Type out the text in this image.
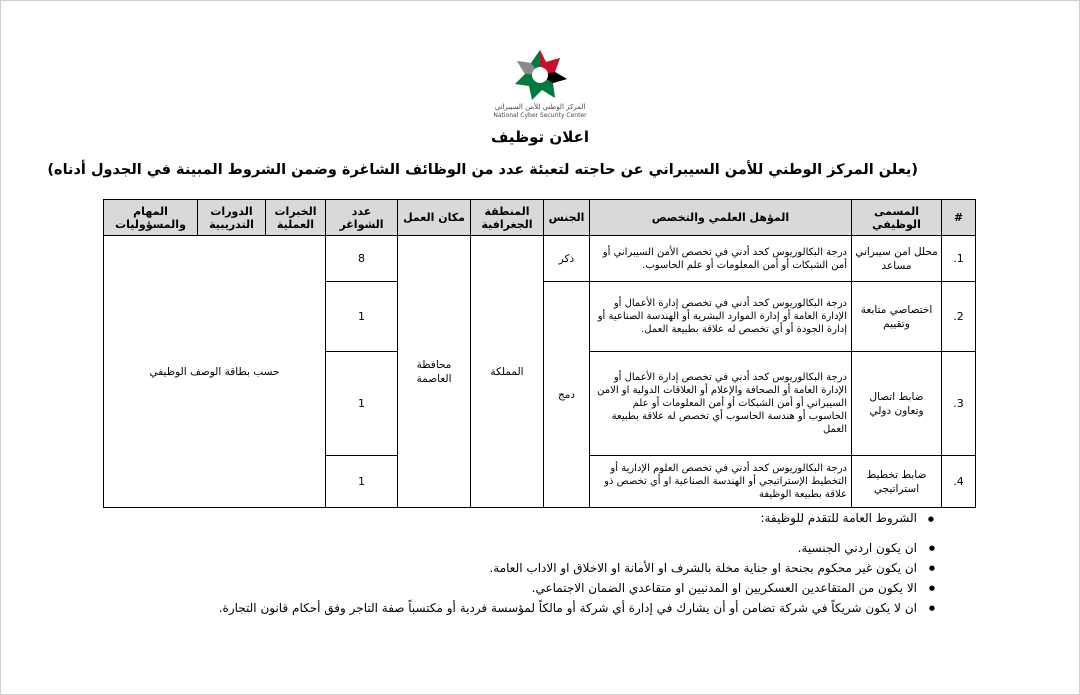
المركز الوطني للأمن السيبراني
National Cyber Security Center
اعلان توظيف
(يعلن المركز الوطني للأمن السيبراني عن حاجته لتعبئة عدد من الوظائف الشاغرة وضمن الشروط المبينة في الجدول أدناه)
#	المسمى الوظيفي	المؤهل العلمي والتخصص	الجنس	المنطقة الجغرافية	مكان العمل	عدد الشواغر	الخبرات العملية	الدورات التدريبية	المهام والمسؤوليات
1.	محلل امن سيبراني مساعد	درجة البكالوريوس كحد أدني في تخصص الأمن السيبراني أو أمن الشبكات أو أمن المعلومات أو علم الحاسوب.	ذكر	المملكة	محافظة العاصمة	8	حسب بطاقة الوصف الوظيفي		
2.	اختصاصي متابعة وتقييم	درجة البكالوريوس كحد أدني في تخصص إدارة الأعمال أو الإدارة العامة أو إدارة الموارد البشرية أو الهندسة الصناعية أو إدارة الجودة أو أي تخصص له علاقة بطبيعة العمل.	دمج			1			
3.	ضابط اتصال وتعاون دولي	درجة البكالوريوس كحد أدني في تخصص إدارة الأعمال أو الإدارة العامة أو الصحافة والإعلام أو العلاقات الدولية او الامن السيبراني أو أمن الشبكات أو أمن المعلومات أو علم الحاسوب أو هندسة الحاسوب أي تخصص له علاقة بطبيعة العمل				1			
4.	ضابط تخطيط استراتيجي	درجة البكالوريوس كحد أدني في تخصص العلوم الإدارية أو التخطيط الإستراتيجي أو الهندسة الصناعية او أي تخصص ذو علاقة بطبيعة الوظيفة				1			
●
الشروط العامة للتقدم للوظيفة:
● ان يكون اردني الجنسية.
● ان يكون غير محكوم بجنحة او جناية مخلة بالشرف او الأمانة او الاخلاق او الاداب العامة.
● الا يكون من المتقاعدين العسكريين او المدنيين او متقاعدي الضمان الاجتماعي.
● ان لا يكون شريكاً في شركة تضامن أو أن يشارك في إدارة أي شركة أو مالكاً لمؤسسة فردية أو مكتسباً صفة التاجر وفق أحكام قانون التجارة.
